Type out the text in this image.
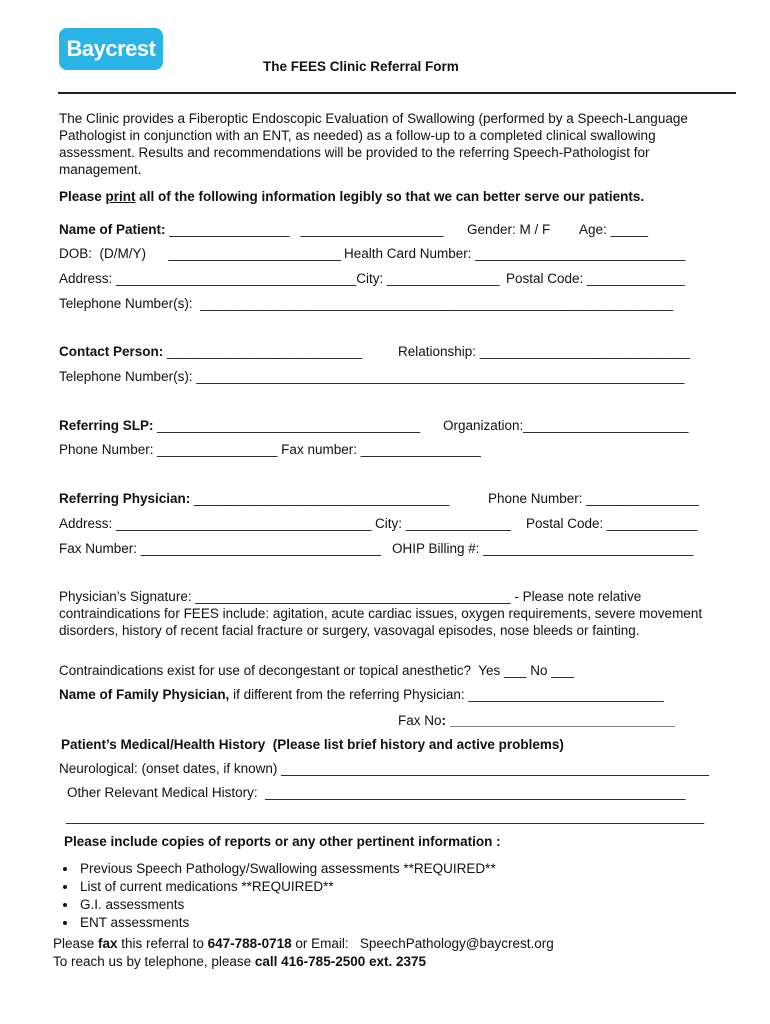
Baycrest
The FEES Clinic Referral Form
The Clinic provides a Fiberoptic Endoscopic Evaluation of Swallowing (performed by a Speech-Language Pathologist in conjunction with an ENT, as needed) as a follow-up to a completed clinical swallowing assessment. Results and recommendations will be provided to the referring Speech-Pathologist for management.
Please print all of the following information legibly so that we can better serve our patients.
Name of Patient: ________________   ___________________ Gender: M / F Age: _____
DOB:  (D/M/Y)      _______________________ Health Card Number: ____________________________
Address: ________________________________City: _______________ Postal Code: _____________
Telephone Number(s):  _______________________________________________________________
Contact Person: __________________________	Relationship: ____________________________
Telephone Number(s): _________________________________________________________________
Referring SLP: ___________________________________ Organization:______________________
Phone Number: ________________ Fax number: ________________
Referring Physician: __________________________________	Phone Number: _______________
Address: __________________________________ City: ______________ Postal Code: ____________
Fax Number: ________________________________ OHIP Billing #: ____________________________
Physician’s Signature: __________________________________________ - Please note relative contraindications for FEES include: agitation, acute cardiac issues, oxygen requirements, severe movement disorders, history of recent facial fracture or surgery, vasovagal episodes, nose bleeds or fainting.
Contraindications exist for use of decongestant or topical anesthetic?  Yes ___ No ___
Name of Family Physician, if different from the referring Physician: __________________________
Fax No: ______________________________
Patient’s Medical/Health History  (Please list brief history and active problems)
Neurological: (onset dates, if known) _________________________________________________________
Other Relevant Medical History:  ________________________________________________________
_____________________________________________________________________________________
Please include copies of reports or any other pertinent information :
• Previous Speech Pathology/Swallowing assessments **REQUIRED**
• List of current medications **REQUIRED**
• G.I. assessments
• ENT assessments
Please fax this referral to 647-788-0718 or Email:   SpeechPathology@baycrest.org
To reach us by telephone, please call 416-785-2500 ext. 2375
